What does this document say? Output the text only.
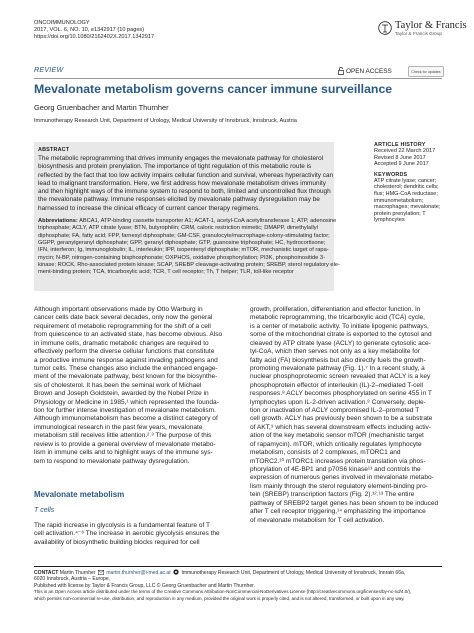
ONCOIMMUNOLOGY
2017, VOL. 6, NO. 10, e1342917 (10 pages)
https://doi.org/10.1080/2162402X.2017.1342917
Taylor & Francis
Taylor & Francis Group
REVIEW	OPEN ACCESS	Check for updates
Mevalonate metabolism governs cancer immune surveillance
Georg Gruenbacher and Martin Thurnher
Immunotherapy Research Unit, Department of Urology, Medical University of Innsbruck, Innsbruck, Austria
ABSTRACT
The metabolic reprogramming that drives immunity engages the mevalonate pathway for cholesterol
biosynthesis and protein prenylation. The importance of tight regulation of this metabolic route is
reflected by the fact that too low activity impairs cellular function and survival, whereas hyperactivity can
lead to malignant transformation. Here, we first address how mevalonate metabolism drives immunity
and then highlight ways of the immune system to respond to both, limited and uncontrolled flux through
the mevalonate pathway. Immune responses elicited by mevalonate pathway dysregulation may be
harnessed to increase the clinical efficacy of current cancer therapy regimens.
Abbreviations: ABCA1, ATP-binding cassette transporter A1; ACAT-1, acetyl-CoA acetyltransferase 1; ATP, adenosine
triphosphate; ACLY, ATP citrate lyase; BTN, butyrophilin; CRM, caloric restriction mimetic; DMAPP, dimethylallyl
diphosphate; FA, fatty acid; FPP, farnesyl diphosphate; GM-CSF, granulocyte/macrophage-colony-stimulating factor;
GGPP, geranylgeranyl diphosphate; GPP, geranyl diphosphate; GTP, guanosine triphosphate; HC, hydrocortisone;
IFN, interferon; Ig, immunoglobulin; IL, interleukin; IPP, isopentenyl diphosphate; mTOR, mechanistic target of rapa-
mycin; N-BP, nitrogen-containing bisphosphonate; OXPHOS, oxidative phosphorylation; PI3K, phosphoinositide 3-
kinase; ROCK, Rho-associated protein kinase; SCAP, SREBP cleavage-activating protein; SREBP, sterol regulatory ele-
ment-binding protein; TCA, tricarboxylic acid; TCR, T cell receptor; Th, T helper; TLR, toll-like receptor
ARTICLE HISTORY
Received 22 March 2017
Revised 8 June 2017
Accepted 9 June 2017
KEYWORDS
ATP citrate lyase; cancer;
cholesterol; dendritic cells;
flux; HMG-CoA reductase;
immunometabolism;
macrophages; mevalonate;
protein prenylation; T
lymphocytes
Although important observations made by Otto Warburg in
cancer cells date back several decades, only now the general
requirement of metabolic reprogramming for the shift of a cell
from quiescence to an activated state, has become obvious. Also
in immune cells, dramatic metabolic changes are required to
effectively perform the diverse cellular functions that constitute
a productive immune response against invading pathogens and
tumor cells. These changes also include the enhanced engage-
ment of the mevalonate pathway, best known for the biosynthe-
sis of cholesterol. It has been the seminal work of Michael
Brown and Joseph Goldstein, awarded by the Nobel Prize in
Physiology or Medicine in 1985,¹ which represented the founda-
tion for further intense investigation of mevalonate metabolism.
Although immunometabolism has become a distinct category of
immunological research in the past few years, mevalonate
metabolism still receives little attention.²˒³ The purpose of this
review is to provide a general overview of mevalonate metabo-
lism in immune cells and to highlight ways of the immune sys-
tem to respond to mevalonate pathway dysregulation.
Mevalonate metabolism
T cells
The rapid increase in glycolysis is a fundamental feature of T
cell activation.⁴⁻⁶ The increase in aerobic glycolysis ensures the
availability of biosynthetic building blocks required for cell
growth, proliferation, differentiation and effector function. In
metabolic reprogramming, the tricarboxylic acid (TCA) cycle,
is a center of metabolic activity. To initiate lipogenic pathways,
some of the mitochondrial citrate is exported to the cytosol and
cleaved by ATP citrate lyase (ACLY) to generate cytosolic ace-
tyl-CoA, which then serves not only as a key metabolite for
fatty acid (FA) biosynthesis but also directly fuels the growth-
promoting mevalonate pathway (Fig. 1).⁷ In a recent study, a
nuclear phosphoproteomic screen revealed that ACLY is a key
phosphoprotein effector of interleukin (IL)-2–mediated T-cell
responses.⁸ ACLY becomes phosphorylated on serine 455 in T
lymphocytes upon IL-2-driven activation.⁸ Conversely, deple-
tion or inactivation of ACLY compromised IL-2–promoted T
cell growth. ACLY has previously been shown to be a substrate
of AKT,⁹ which has several downstream effects including activ-
ation of the key metabolic sensor mTOR (mechanistic target
of rapamycin). mTOR, which critically regulates lymphocyte
metabolism, consists of 2 complexes, mTORC1 and
mTORC2.¹⁰ mTORC1 increases protein translation via phos-
phorylation of 4E-BP1 and p70S6 kinase¹¹ and controls the
expression of numerous genes involved in mevalonate metabo-
lism mainly through the sterol regulatory element-binding pro-
tein (SREBP) transcription factors (Fig. 2).¹²˒¹³ The entire
pathway of SREBP2 target genes has been shown to be induced
after T cell receptor triggering,¹⁴ emphasizing the importance
of mevalonate metabolism for T cell activation.
CONTACT Martin Thurnher martin.thurnher@i-med.ac.at Immunotherapy Research Unit, Department of Urology, Medical University of Innsbruck, Innrain 66a,
6020 Innsbruck, Austria – Europe.
Published with license by Taylor & Francis Group, LLC © Georg Gruenbacher and Martin Thurnher.
This is an Open Access article distributed under the terms of the Creative Commons Attribution-NonCommercial-NoDerivatives License (http://creativecommons.org/licenses/by-nc-nd/4.0/),
which permits non-commercial re-use, distribution, and reproduction in any medium, provided the original work is properly cited, and is not altered, transformed, or built upon in any way.
